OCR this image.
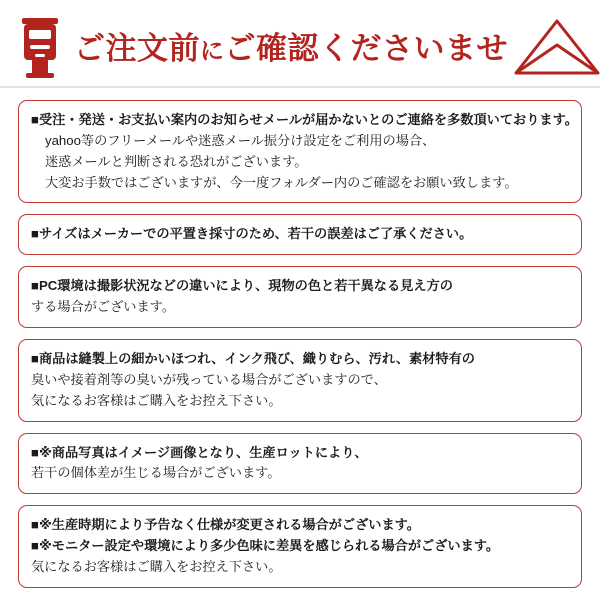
ご注文前にご確認くださいませ
■受注・発送・お支払い案内のお知らせメールが届かないとのご連絡を多数頂いております。
yahoo等のフリーメールや迷惑メール振分け設定をご利用の場合、
迷惑メールと判断される恐れがございます。
大変お手数ではございますが、今一度フォルダー内のご確認をお願い致します。
■サイズはメーカーでの平置き採寸のため、若干の誤差はご了承ください。
■PC環境は撮影状況などの違いにより、現物の色と若干異なる見え方の
する場合がございます。
■商品は縫製上の細かいほつれ、インク飛び、織りむら、汚れ、素材特有の
臭いや接着剤等の臭いが残っている場合がございますので、
気になるお客様はご購入をお控え下さい。
■※商品写真はイメージ画像となり、生産ロットにより、
若干の個体差が生じる場合がございます。
■※生産時期により予告なく仕様が変更される場合がございます。
■※モニター設定や環境により多少色味に差異を感じられる場合がございます。
気になるお客様はご購入をお控え下さい。
